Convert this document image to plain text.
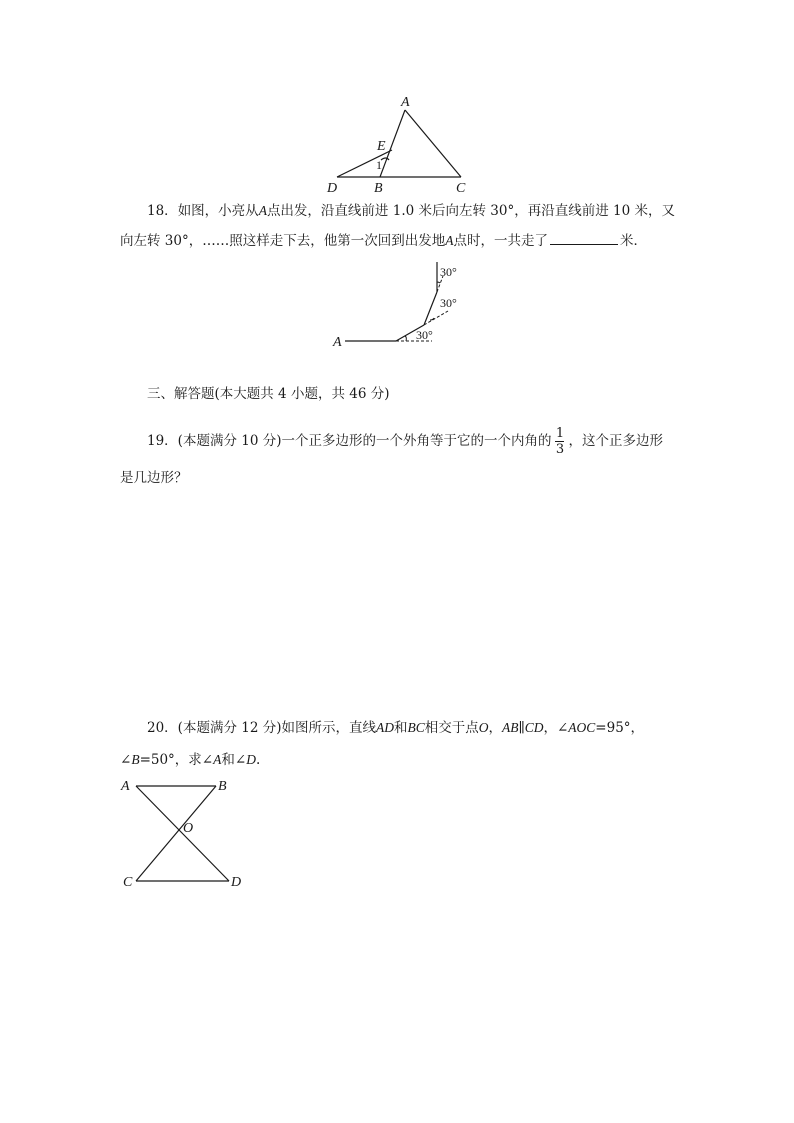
A
E
1
D	B	C
A
30°
30°
30°
A	B
O
C	D
18．如图，小亮从A点出发，沿直线前进 1.0 米后向左转 30°，再沿直线前进 10 米，又
向左转 30°，……照这样走下去，他第一次回到出发地A点时，一共走了	米．
三、解答题(本大题共 4 小题，共 46 分)
19．(本题满分 10 分)一个正多边形的一个外角等于它的一个内角的 $\frac{1}{3}$ ，这个正多边形
是几边形？
20．(本题满分 12 分)如图所示，直线AD和BC相交于点O，AB∥CD，∠AOC=95°，
∠B=50°，求∠A和∠D.
